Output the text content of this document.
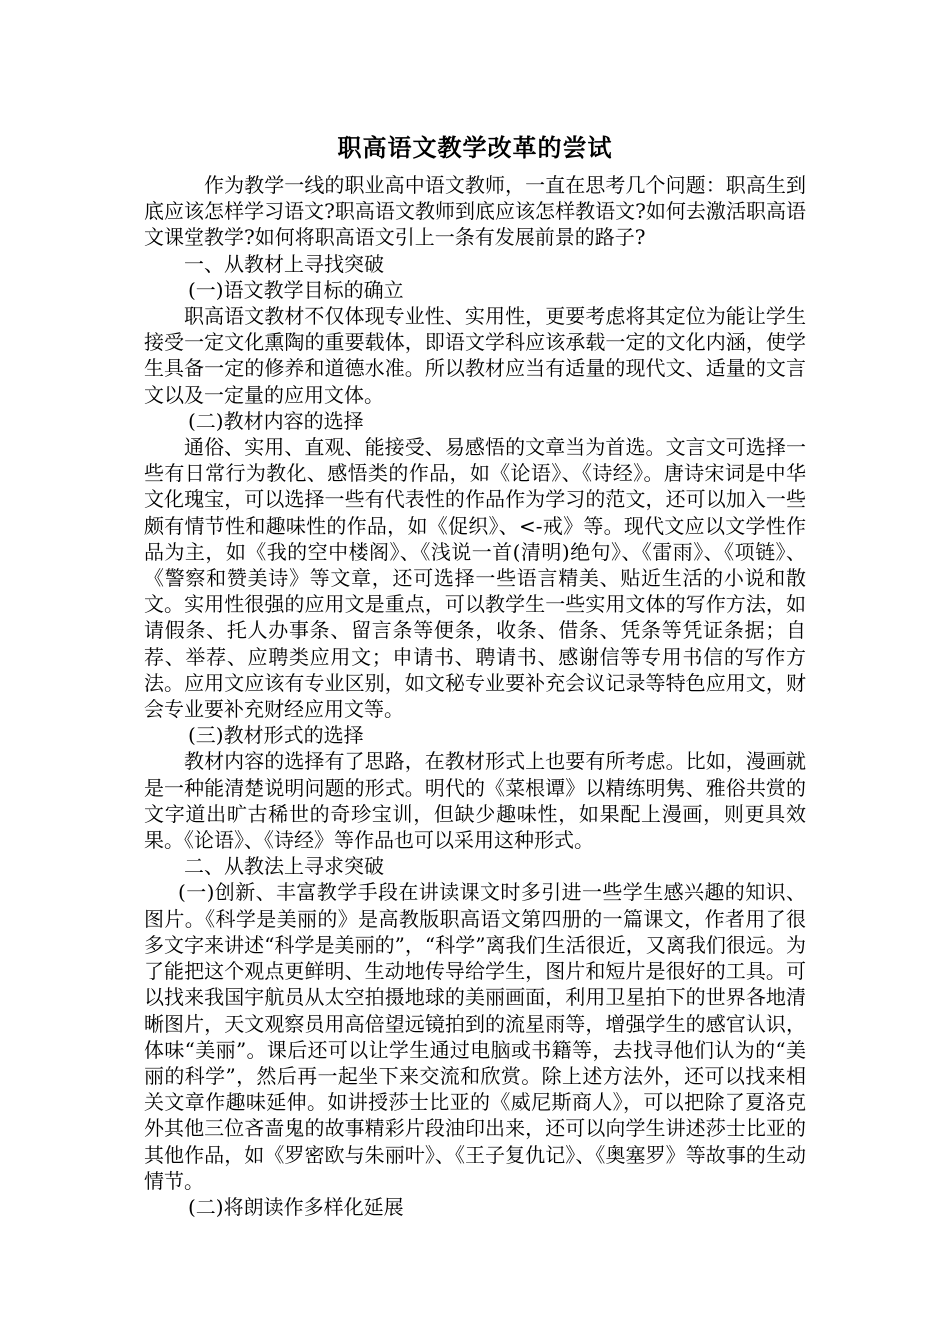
职高语文教学改革的尝试

作为教学一线的职业高中语文教师，一直在思考几个问题：职高生到底应该怎样学习语文?职高语文教师到底应该怎样教语文?如何去激活职高语文课堂教学?如何将职高语文引上一条有发展前景的路子?

一、从教材上寻找突破

(一)语文教学目标的确立

职高语文教材不仅体现专业性、实用性，更要考虑将其定位为能让学生接受一定文化熏陶的重要载体，即语文学科应该承载一定的文化内涵，使学生具备一定的修养和道德水准。所以教材应当有适量的现代文、适量的文言文以及一定量的应用文体。

(二)教材内容的选择

通俗、实用、直观、能接受、易感悟的文章当为首选。文言文可选择一些有日常行为教化、感悟类的作品，如《论语》、《诗经》。唐诗宋词是中华文化瑰宝，可以选择一些有代表性的作品作为学习的范文，还可以加入一些颇有情节性和趣味性的作品，如《促织》、<-戒》等。现代文应以文学性作品为主，如《我的空中楼阁》、《浅说一首(清明)绝句》、《雷雨》、《项链》、《警察和赞美诗》等文章，还可选择一些语言精美、贴近生活的小说和散文。实用性很强的应用文是重点，可以教学生一些实用文体的写作方法，如请假条、托人办事条、留言条等便条，收条、借条、凭条等凭证条据；自荐、举荐、应聘类应用文；申请书、聘请书、感谢信等专用书信的写作方法。应用文应该有专业区别，如文秘专业要补充会议记录等特色应用文，财会专业要补充财经应用文等。

(三)教材形式的选择

教材内容的选择有了思路，在教材形式上也要有所考虑。比如，漫画就是一种能清楚说明问题的形式。明代的《菜根谭》以精练明隽、雅俗共赏的文字道出旷古稀世的奇珍宝训，但缺少趣味性，如果配上漫画，则更具效果。《论语》、《诗经》等作品也可以采用这种形式。

二、从教法上寻求突破

(一)创新、丰富教学手段在讲读课文时多引进一些学生感兴趣的知识、图片。《科学是美丽的》是高教版职高语文第四册的一篇课文，作者用了很多文字来讲述“科学是美丽的”，“科学”离我们生活很近，又离我们很远。为了能把这个观点更鲜明、生动地传导给学生，图片和短片是很好的工具。可以找来我国宇航员从太空拍摄地球的美丽画面，利用卫星拍下的世界各地清晰图片，天文观察员用高倍望远镜拍到的流星雨等，增强学生的感官认识，体味“美丽”。课后还可以让学生通过电脑或书籍等，去找寻他们认为的“美丽的科学”，然后再一起坐下来交流和欣赏。除上述方法外，还可以找来相关文章作趣味延伸。如讲授莎士比亚的《威尼斯商人》，可以把除了夏洛克外其他三位吝啬鬼的故事精彩片段油印出来，还可以向学生讲述莎士比亚的其他作品，如《罗密欧与朱丽叶》、《王子复仇记》、《奥塞罗》等故事的生动情节。

(二)将朗读作多样化延展
